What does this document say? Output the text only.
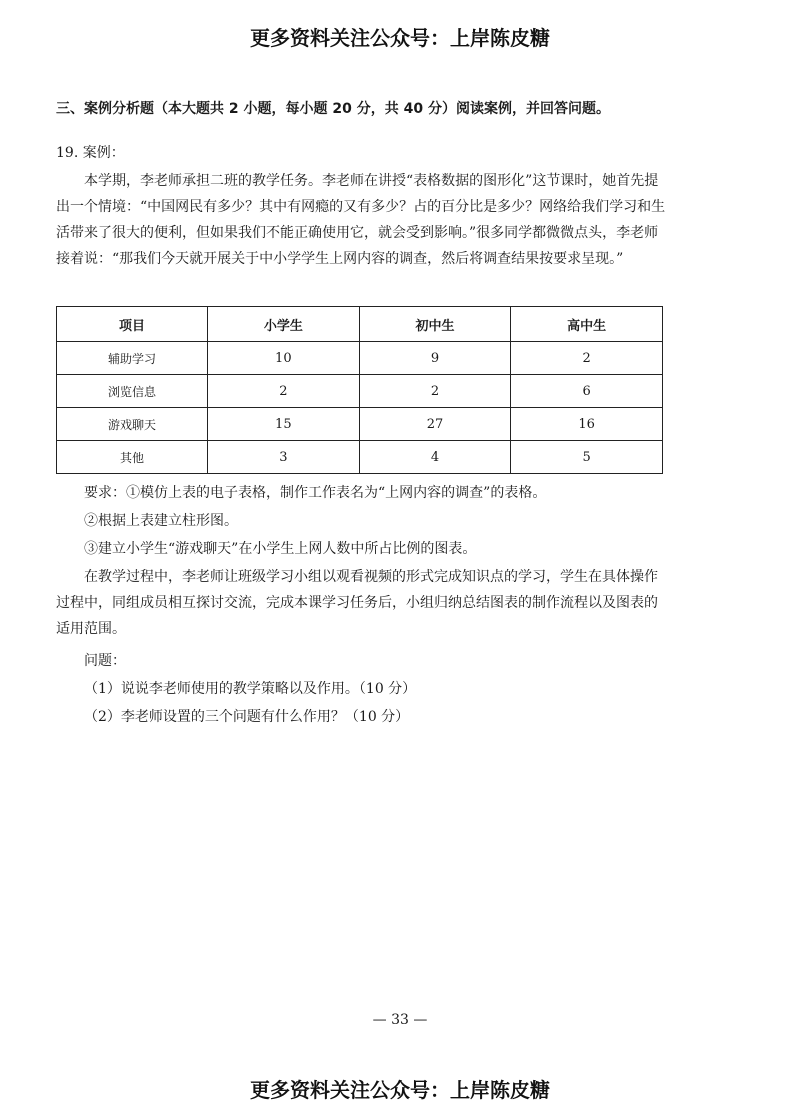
更多资料关注公众号：上岸陈皮糖
三、案例分析题（本大题共 2 小题，每小题 20 分，共 40 分）阅读案例，并回答问题。
19. 案例：
本学期，李老师承担二班的教学任务。李老师在讲授“表格数据的图形化”这节课时，她首先提出一个情境：“中国网民有多少？其中有网瘾的又有多少？占的百分比是多少？网络给我们学习和生活带来了很大的便利，但如果我们不能正确使用它，就会受到影响。”很多同学都微微点头，李老师接着说：“那我们今天就开展关于中小学学生上网内容的调查，然后将调查结果按要求呈现。”
项目	小学生	初中生	高中生
辅助学习	10	9	2
浏览信息	2	2	6
游戏聊天	15	27	16
其他	3	4	5
要求：①模仿上表的电子表格，制作工作表名为“上网内容的调查”的表格。
②根据上表建立柱形图。
③建立小学生“游戏聊天”在小学生上网人数中所占比例的图表。
在教学过程中，李老师让班级学习小组以观看视频的形式完成知识点的学习，学生在具体操作过程中，同组成员相互探讨交流，完成本课学习任务后，小组归纳总结图表的制作流程以及图表的适用范围。
问题：
（1）说说李老师使用的教学策略以及作用。（10 分）
（2）李老师设置的三个问题有什么作用？（10 分）
— 33 —
更多资料关注公众号：上岸陈皮糖
